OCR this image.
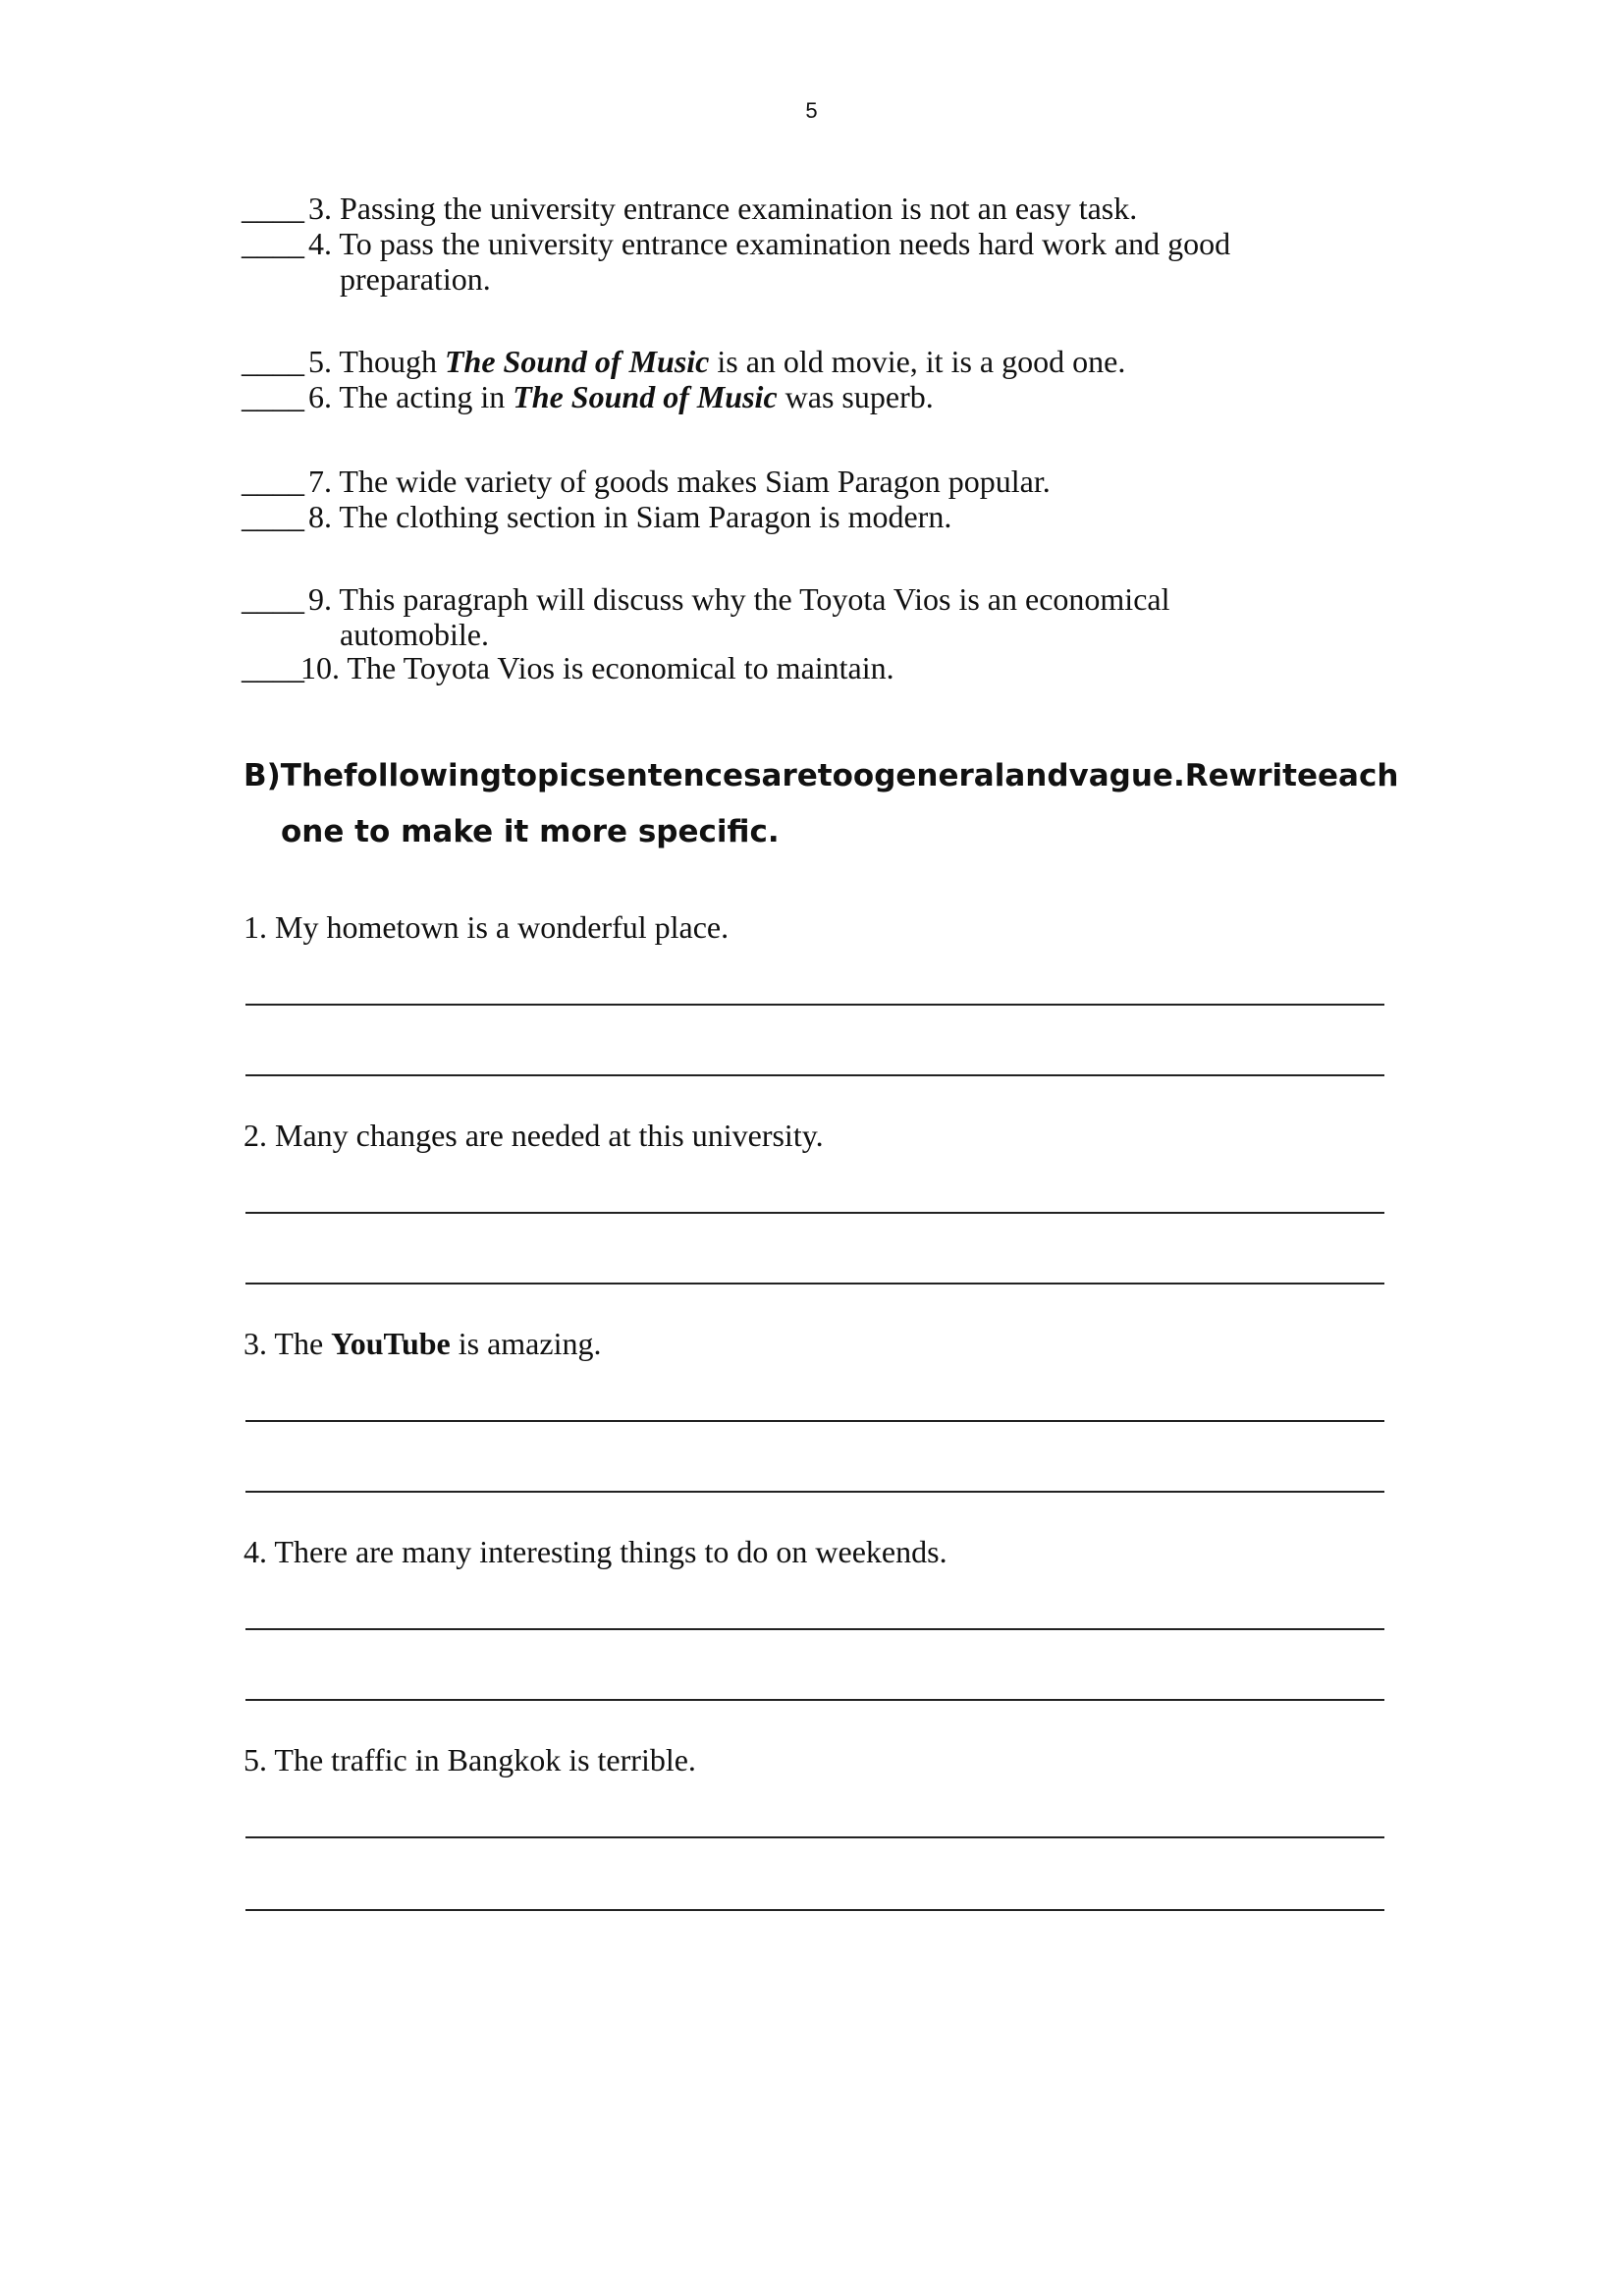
5
____ 3. Passing the university entrance examination is not an easy task.
____ 4. To pass the university entrance examination needs hard work and good
preparation.
____ 5. Though The Sound of Music is an old movie, it is a good one.
____ 6. The acting in The Sound of Music was superb.
____ 7. The wide variety of goods makes Siam Paragon popular.
____ 8. The clothing section in Siam Paragon is modern.
____ 9. This paragraph will discuss why the Toyota Vios is an economical
automobile.
____10. The Toyota Vios is economical to maintain.
B) The following topic sentences are too general and vague. Rewrite each
one to make it more specific.
1. My hometown is a wonderful place.
2. Many changes are needed at this university.
3. The YouTube is amazing.
4. There are many interesting things to do on weekends.
5. The traffic in Bangkok is terrible.
